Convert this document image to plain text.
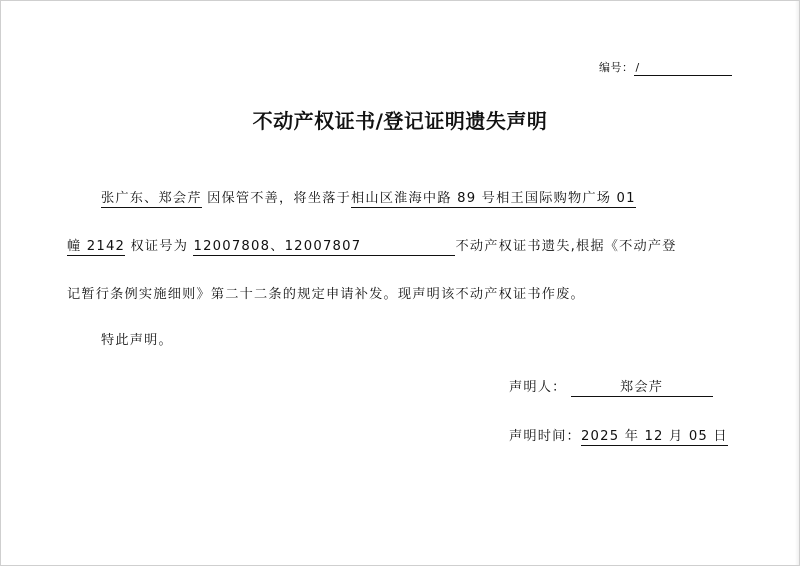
编号： /
不动产权证书/登记证明遗失声明
张广东、郑会芹 因保管不善，将坐落于相山区淮海中路 89 号相王国际购物广场 01
幢 2142 权证号为 12007808、12007807	不动产权证书遗失,根据《不动产登
记暂行条例实施细则》第二十二条的规定申请补发。现声明该不动产权证书作废。
特此声明。
声明人：	郑会芹
声明时间：2025 年 12 月 05 日
